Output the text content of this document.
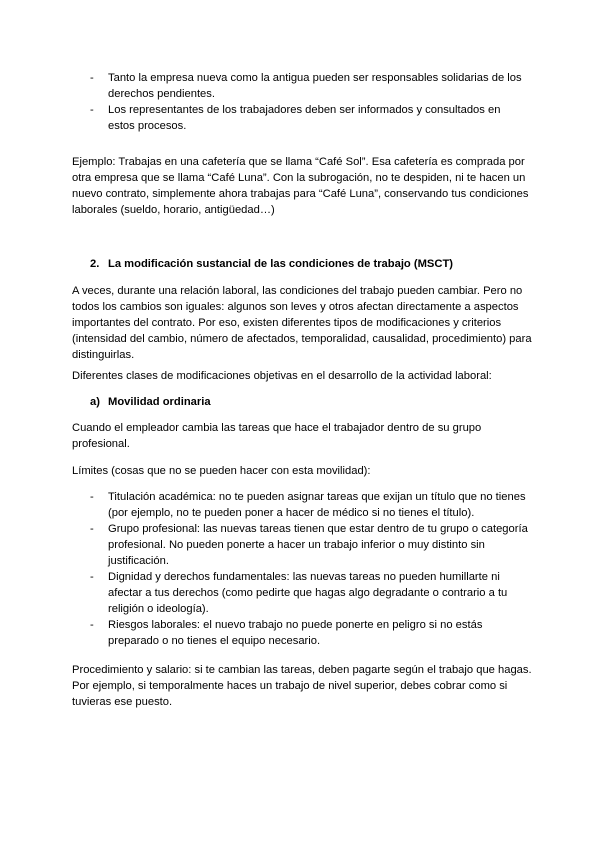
- Tanto la empresa nueva como la antigua pueden ser responsables solidarias de los derechos pendientes.
- Los representantes de los trabajadores deben ser informados y consultados en estos procesos.

Ejemplo: Trabajas en una cafetería que se llama “Café Sol”. Esa cafetería es comprada por otra empresa que se llama “Café Luna”. Con la subrogación, no te despiden, ni te hacen un nuevo contrato, simplemente ahora trabajas para “Café Luna”, conservando tus condiciones laborales (sueldo, horario, antigüedad…)

2. La modificación sustancial de las condiciones de trabajo (MSCT)

A veces, durante una relación laboral, las condiciones del trabajo pueden cambiar. Pero no todos los cambios son iguales: algunos son leves y otros afectan directamente a aspectos importantes del contrato. Por eso, existen diferentes tipos de modificaciones y criterios (intensidad del cambio, número de afectados, temporalidad, causalidad, procedimiento) para distinguirlas.

Diferentes clases de modificaciones objetivas en el desarrollo de la actividad laboral:

a) Movilidad ordinaria

Cuando el empleador cambia las tareas que hace el trabajador dentro de su grupo profesional.

Límites (cosas que no se pueden hacer con esta movilidad):

- Titulación académica: no te pueden asignar tareas que exijan un título que no tienes (por ejemplo, no te pueden poner a hacer de médico si no tienes el título).
- Grupo profesional: las nuevas tareas tienen que estar dentro de tu grupo o categoría profesional. No pueden ponerte a hacer un trabajo inferior o muy distinto sin justificación.
- Dignidad y derechos fundamentales: las nuevas tareas no pueden humillarte ni afectar a tus derechos (como pedirte que hagas algo degradante o contrario a tu religión o ideología).
- Riesgos laborales: el nuevo trabajo no puede ponerte en peligro si no estás preparado o no tienes el equipo necesario.

Procedimiento y salario: si te cambian las tareas, deben pagarte según el trabajo que hagas. Por ejemplo, si temporalmente haces un trabajo de nivel superior, debes cobrar como si tuvieras ese puesto.
